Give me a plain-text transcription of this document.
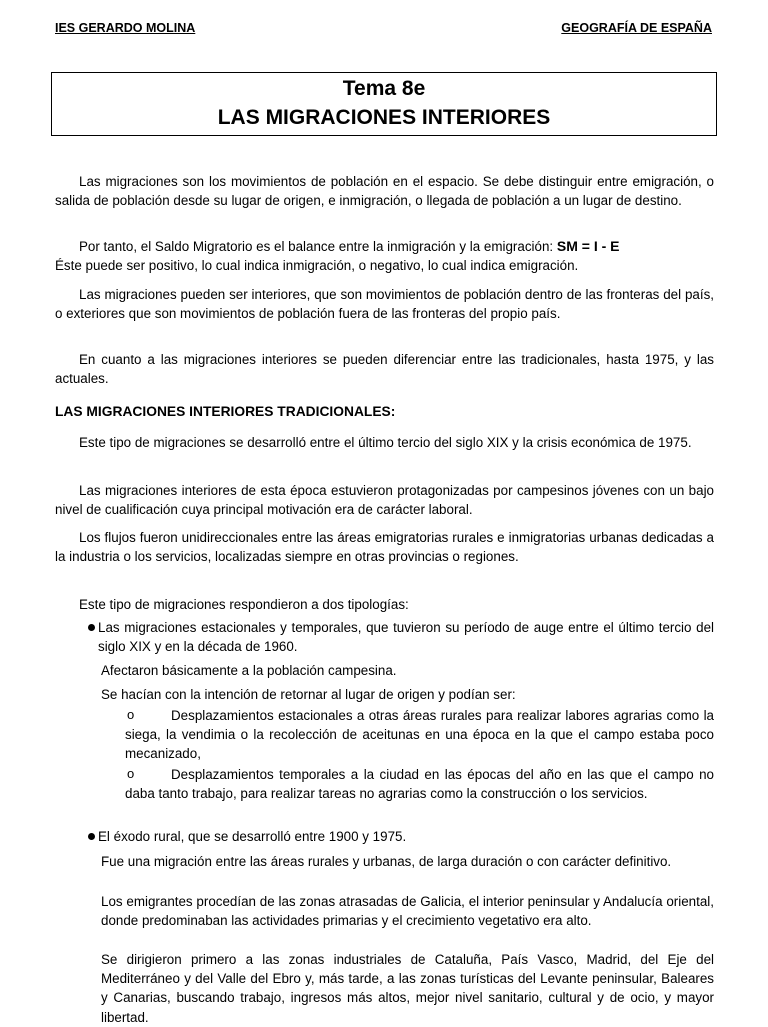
IES GERARDO MOLINA	GEOGRAFÍA DE ESPAÑA
Tema 8e
LAS MIGRACIONES INTERIORES
Las migraciones son los movimientos de población en el espacio. Se debe distinguir entre emigración, o salida de población desde su lugar de origen, e inmigración, o llegada de población a un lugar de destino.
Por tanto, el Saldo Migratorio es el balance entre la inmigración y la emigración: SM = I - E
Éste puede ser positivo, lo cual indica inmigración, o negativo, lo cual indica emigración.
Las migraciones pueden ser interiores, que son movimientos de población dentro de las fronteras del país, o exteriores que son movimientos de población fuera de las fronteras del propio país.
En cuanto a las migraciones interiores se pueden diferenciar entre las tradicionales, hasta 1975, y las actuales.
LAS MIGRACIONES INTERIORES TRADICIONALES:
Este tipo de migraciones se desarrolló entre el último tercio del siglo XIX y la crisis económica de 1975.
Las migraciones interiores de esta época estuvieron protagonizadas por campesinos jóvenes con un bajo nivel de cualificación cuya principal motivación era de carácter laboral.
Los flujos fueron unidireccionales entre las áreas emigratorias rurales e inmigratorias urbanas dedicadas a la industria o los servicios, localizadas siempre en otras provincias o regiones.
Este tipo de migraciones respondieron a dos tipologías:
Las migraciones estacionales y temporales, que tuvieron su período de auge entre el último tercio del siglo XIX y en la década de 1960.
Afectaron básicamente a la población campesina.
Se hacían con la intención de retornar al lugar de origen y podían ser:
o	Desplazamientos estacionales a otras áreas rurales para realizar labores agrarias como la siega, la vendimia o la recolección de aceitunas en una época en la que el campo estaba poco mecanizado,
o	Desplazamientos temporales a la ciudad en las épocas del año en las que el campo no daba tanto trabajo, para realizar tareas no agrarias como la construcción o los servicios.
El éxodo rural, que se desarrolló entre 1900 y 1975.
Fue una migración entre las áreas rurales y urbanas, de larga duración o con carácter definitivo.
Los emigrantes procedían de las zonas atrasadas de Galicia, el interior peninsular y Andalucía oriental, donde predominaban las actividades primarias y el crecimiento vegetativo era alto.
Se dirigieron primero a las zonas industriales de Cataluña, País Vasco, Madrid, del Eje del Mediterráneo y del Valle del Ebro y, más tarde, a las zonas turísticas del Levante peninsular, Baleares y Canarias, buscando trabajo, ingresos más altos, mejor nivel sanitario, cultural y de ocio, y mayor libertad.
